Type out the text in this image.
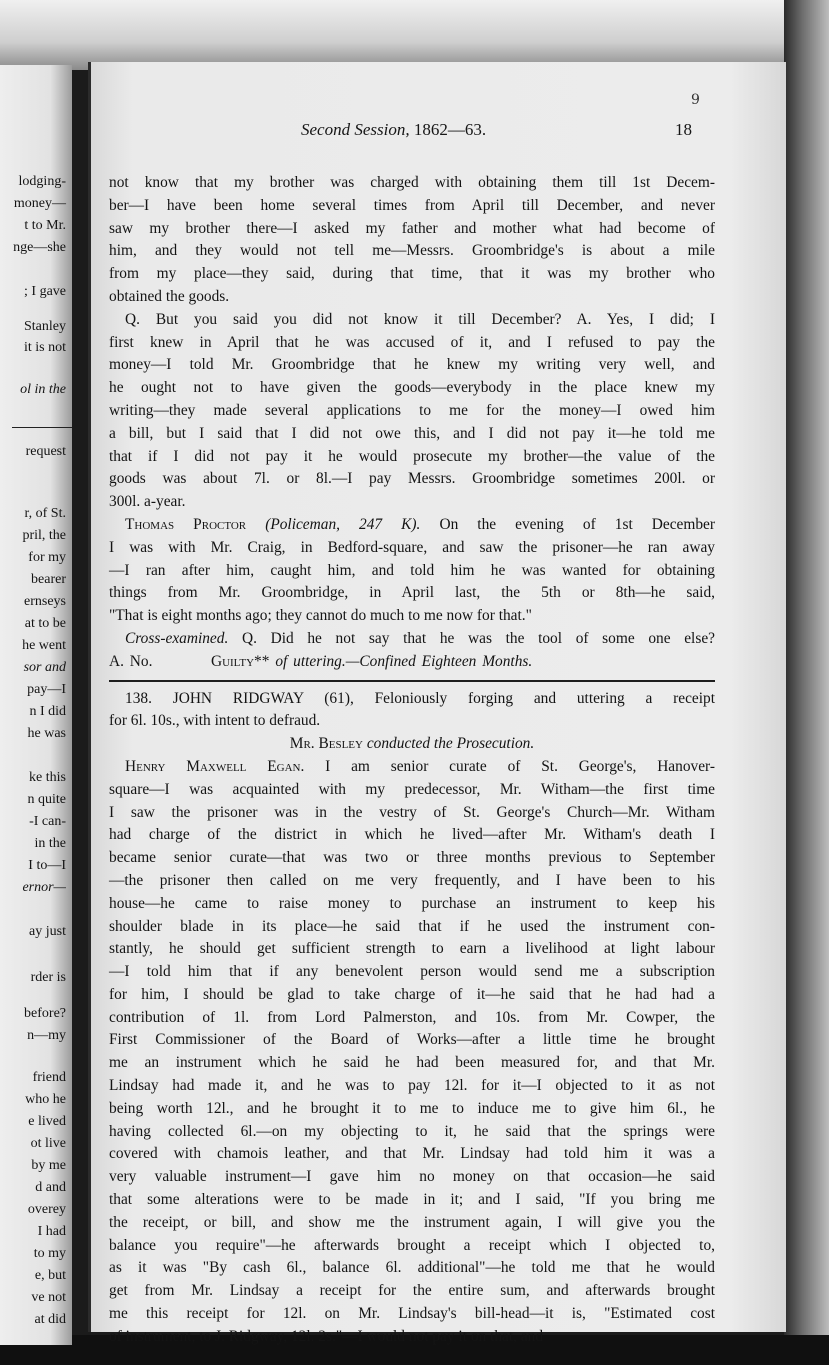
lodging-
money—
t to Mr.
nge—she
; I gave
Stanley
it is not
ol in the
request
r, of St.
pril, the
for my
bearer
ernseys
at to be
he went
sor and
pay—I
n I did
he was
ke this
n quite
-I can-
in the
I to—I
ernor—
ay just
rder is
before?
n—my
friend
who he
e lived
ot live
by me
d and
overey
I had
to my
e, but
ve not
at did
9
Second Session, 1862—63.	18
not know that my brother was charged with obtaining them till 1st Decem-
ber—I have been home several times from April till December, and never
saw my brother there—I asked my father and mother what had become of
him, and they would not tell me—Messrs. Groombridge's is about a mile
from my place—they said, during that time, that it was my brother who
obtained the goods.
Q. But you said you did not know it till December? A. Yes, I did; I
first knew in April that he was accused of it, and I refused to pay the
money—I told Mr. Groombridge that he knew my writing very well, and
he ought not to have given the goods—everybody in the place knew my
writing—they made several applications to me for the money—I owed him
a bill, but I said that I did not owe this, and I did not pay it—he told me
that if I did not pay it he would prosecute my brother—the value of the
goods was about 7l. or 8l.—I pay Messrs. Groombridge sometimes 200l. or
300l. a-year.
Thomas Proctor (Policeman, 247 K). On the evening of 1st December
I was with Mr. Craig, in Bedford-square, and saw the prisoner—he ran away
—I ran after him, caught him, and told him he was wanted for obtaining
things from Mr. Groombridge, in April last, the 5th or 8th—he said,
"That is eight months ago; they cannot do much to me now for that."
Cross-examined. Q. Did he not say that he was the tool of some one else?
A. No.	Guilty** of uttering.—Confined Eighteen Months.
138. JOHN RIDGWAY (61), Feloniously forging and uttering a receipt
for 6l. 10s., with intent to defraud.
Mr. Besley conducted the Prosecution.
Henry Maxwell Egan. I am senior curate of St. George's, Hanover-
square—I was acquainted with my predecessor, Mr. Witham—the first time
I saw the prisoner was in the vestry of St. George's Church—Mr. Witham
had charge of the district in which he lived—after Mr. Witham's death I
became senior curate—that was two or three months previous to September
—the prisoner then called on me very frequently, and I have been to his
house—he came to raise money to purchase an instrument to keep his
shoulder blade in its place—he said that if he used the instrument con-
stantly, he should get sufficient strength to earn a livelihood at light labour
—I told him that if any benevolent person would send me a subscription
for him, I should be glad to take charge of it—he said that he had had a
contribution of 1l. from Lord Palmerston, and 10s. from Mr. Cowper, the
First Commissioner of the Board of Works—after a little time he brought
me an instrument which he said he had been measured for, and that Mr.
Lindsay had made it, and he was to pay 12l. for it—I objected to it as not
being worth 12l., and he brought it to me to induce me to give him 6l., he
having collected 6l.—on my objecting to it, he said that the springs were
covered with chamois leather, and that Mr. Lindsay had told him it was a
very valuable instrument—I gave him no money on that occasion—he said
that some alterations were to be made in it; and I said, "If you bring me
the receipt, or bill, and show me the instrument again, I will give you the
balance you require"—he afterwards brought a receipt which I objected to,
as it was "By cash 6l., balance 6l. additional"—he told me that he would
get from Mr. Lindsay a receipt for the entire sum, and afterwards brought
me this receipt for 12l. on Mr. Lindsay's bill-head—it is, "Estimated cost
of instrument, to J. Ridgway, 12l. 2s."—I would not pay it on that, and
